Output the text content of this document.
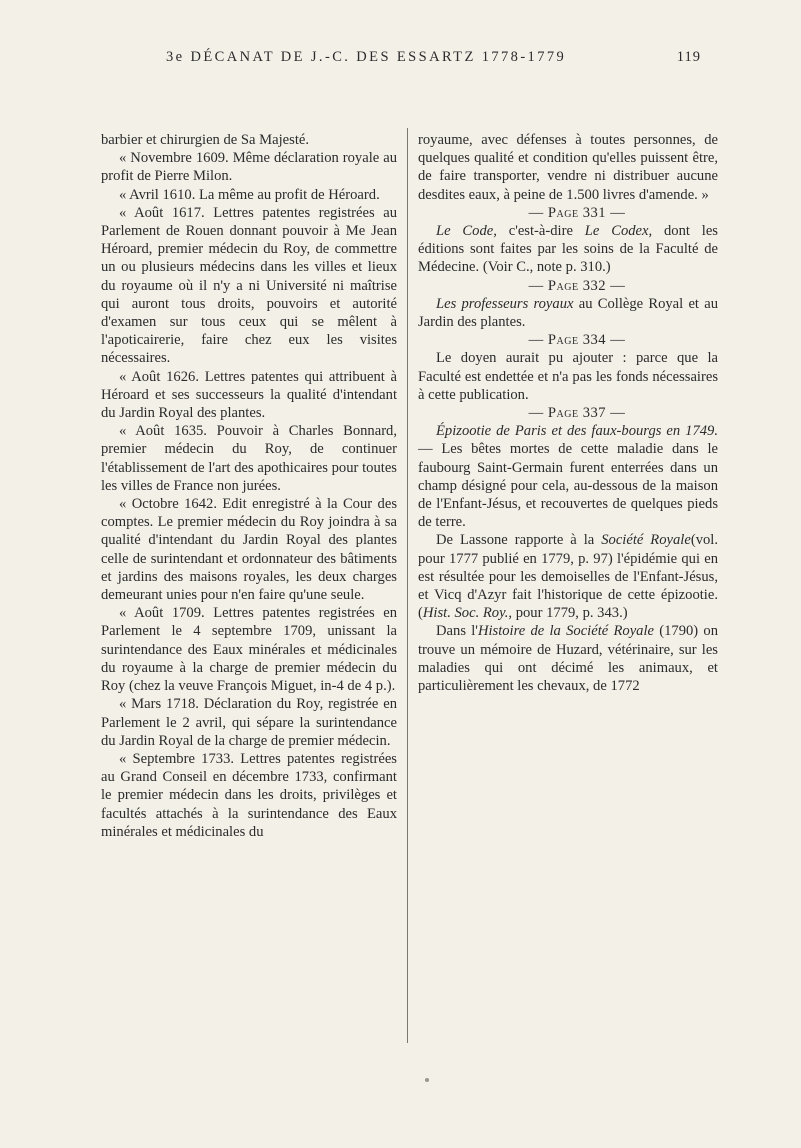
3e DÉCANAT DE J.-C. DES ESSARTZ 1778-1779	119

barbier et chirurgien de Sa Majesté.

« Novembre 1609. Même déclaration royale au profit de Pierre Milon.

« Avril 1610. La même au profit de Héroard.

« Août 1617. Lettres patentes registrées au Parlement de Rouen donnant pouvoir à Me Jean Héroard, premier médecin du Roy, de commettre un ou plusieurs médecins dans les villes et lieux du royaume où il n'y a ni Université ni maîtrise qui auront tous droits, pouvoirs et autorité d'examen sur tous ceux qui se mêlent à l'apoticairerie, faire chez eux les visites nécessaires.

« Août 1626. Lettres patentes qui attribuent à Héroard et ses successeurs la qualité d'intendant du Jardin Royal des plantes.

« Août 1635. Pouvoir à Charles Bonnard, premier médecin du Roy, de continuer l'établissement de l'art des apothicaires pour toutes les villes de France non jurées.

« Octobre 1642. Edit enregistré à la Cour des comptes. Le premier médecin du Roy joindra à sa qualité d'intendant du Jardin Royal des plantes celle de surintendant et ordonnateur des bâtiments et jardins des maisons royales, les deux charges demeurant unies pour n'en faire qu'une seule.

« Août 1709. Lettres patentes registrées en Parlement le 4 septembre 1709, unissant la surintendance des Eaux minérales et médicinales du royaume à la charge de premier médecin du Roy (chez la veuve François Miguet, in-4 de 4 p.).

« Mars 1718. Déclaration du Roy, registrée en Parlement le 2 avril, qui sépare la surintendance du Jardin Royal de la charge de premier médecin.

« Septembre 1733. Lettres patentes registrées au Grand Conseil en décembre 1733, confirmant le premier médecin dans les droits, privilèges et facultés attachés à la surintendance des Eaux minérales et médicinales du

royaume, avec défenses à toutes personnes, de quelques qualité et condition qu'elles puissent être, de faire transporter, vendre ni distribuer aucune desdites eaux, à peine de 1.500 livres d'amende. »

— Page 331 —

Le Code, c'est-à-dire Le Codex, dont les éditions sont faites par les soins de la Faculté de Médecine. (Voir C., note p. 310.)

— Page 332 —

Les professeurs royaux au Collège Royal et au Jardin des plantes.

— Page 334 —

Le doyen aurait pu ajouter : parce que la Faculté est endettée et n'a pas les fonds nécessaires à cette publication.

— Page 337 —

Épizootie de Paris et des faux-bourgs en 1749. — Les bêtes mortes de cette maladie dans le faubourg Saint-Germain furent enterrées dans un champ désigné pour cela, au-dessous de la maison de l'Enfant-Jésus, et recouvertes de quelques pieds de terre.

De Lassone rapporte à la Société Royale(vol. pour 1777 publié en 1779, p. 97) l'épidémie qui en est résultée pour les demoiselles de l'Enfant-Jésus, et Vicq d'Azyr fait l'historique de cette épizootie. (Hist. Soc. Roy., pour 1779, p. 343.)

Dans l'Histoire de la Société Royale (1790) on trouve un mémoire de Huzard, vétérinaire, sur les maladies qui ont décimé les animaux, et particulièrement les chevaux, de 1772
